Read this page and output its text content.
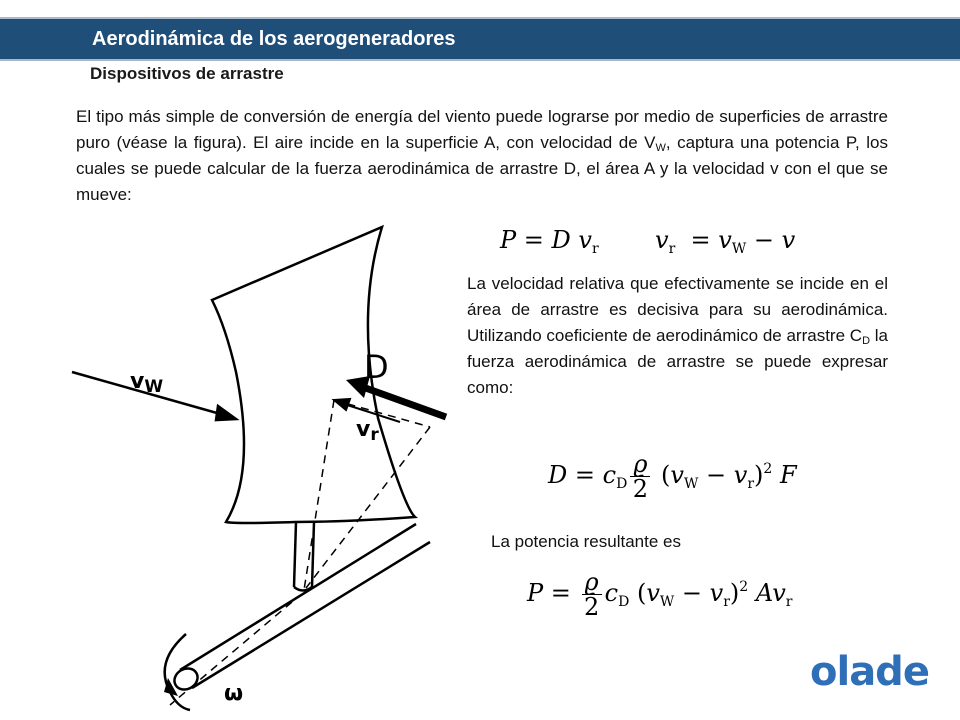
Aerodinámica de los aerogeneradores
Dispositivos de arrastre
El tipo más simple de conversión de energía del viento puede lograrse por medio de superficies de arrastre puro (véase la figura). El aire incide en la superficie A, con velocidad de $V_W$, captura una potencia P, los cuales se puede calcular de la fuerza aerodinámica de arrastre D, el área A y la velocidad v con el que se mueve:
P = D $v_r$ $v_r = v_W - v$
La velocidad relativa que efectivamente se incide en el área de arrastre es decisiva para su aerodinámica. Utilizando coeficiente de aerodinámico de arrastre $C_D$ la fuerza aerodinámica de arrastre se puede expresar como:
$D = c_D \frac{ϱ}{2} (v_W - v_r)^2$ F
La potencia resultante es
$P = \frac{ϱ}{2} c_D$ $(v_W - v_r)^2$ $Av_r$
vW
D
vr
ω	olade
